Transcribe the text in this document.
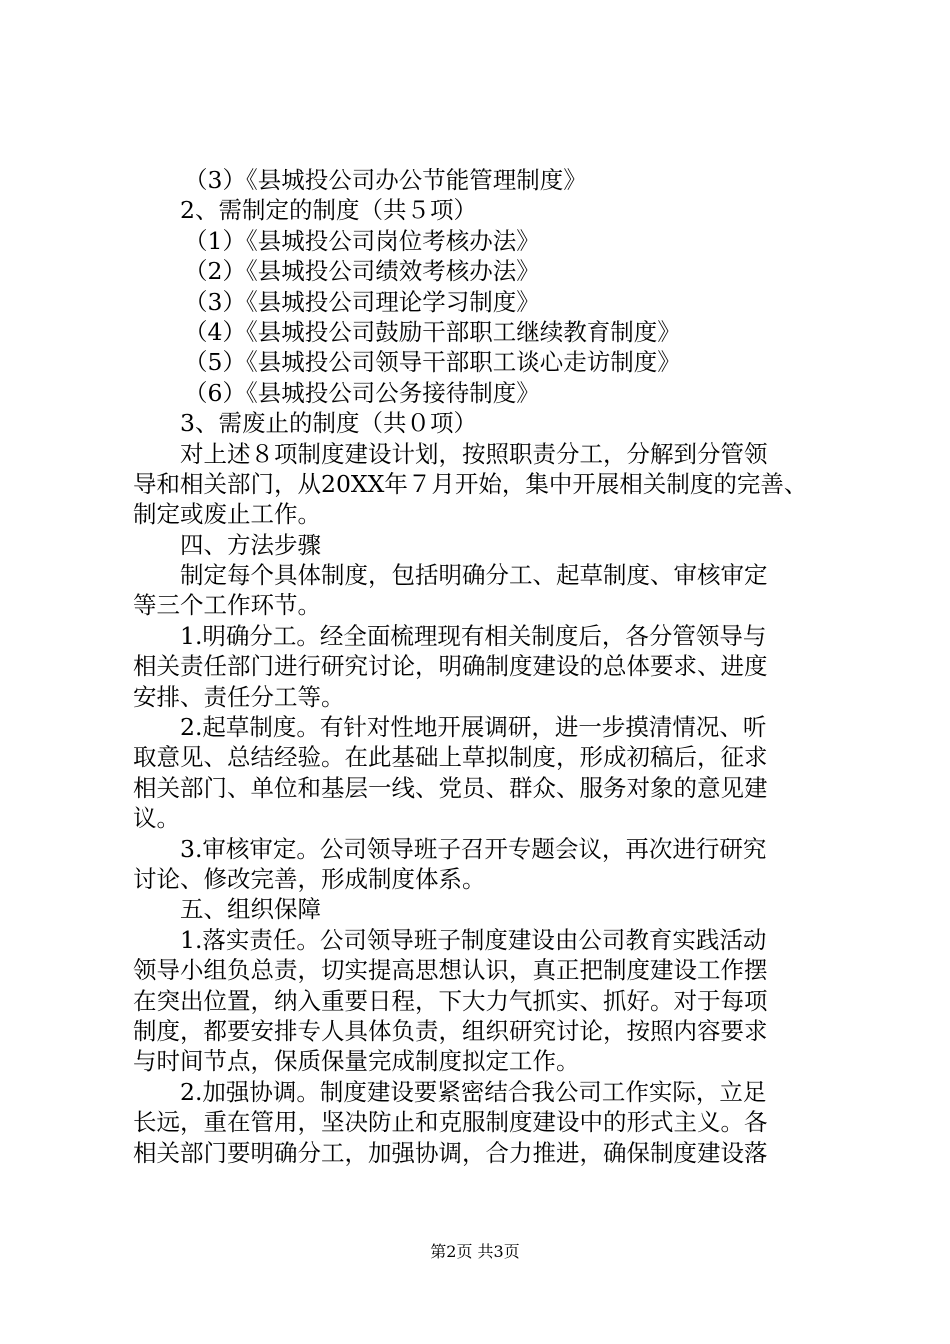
（3）《县城投公司办公节能管理制度》
2、需制定的制度（共５项）
（1）《县城投公司岗位考核办法》
（2）《县城投公司绩效考核办法》
（3）《县城投公司理论学习制度》
（4）《县城投公司鼓励干部职工继续教育制度》
（5）《县城投公司领导干部职工谈心走访制度》
（6）《县城投公司公务接待制度》
3、需废止的制度（共０项）
对上述８项制度建设计划，按照职责分工，分解到分管领
导和相关部门，从20XX年７月开始，集中开展相关制度的完善、
制定或废止工作。
四、方法步骤
制定每个具体制度，包括明确分工、起草制度、审核审定
等三个工作环节。
1.明确分工。经全面梳理现有相关制度后，各分管领导与
相关责任部门进行研究讨论，明确制度建设的总体要求、进度
安排、责任分工等。
2.起草制度。有针对性地开展调研，进一步摸清情况、听
取意见、总结经验。在此基础上草拟制度，形成初稿后，征求
相关部门、单位和基层一线、党员、群众、服务对象的意见建
议。
3.审核审定。公司领导班子召开专题会议，再次进行研究
讨论、修改完善，形成制度体系。
五、组织保障
1.落实责任。公司领导班子制度建设由公司教育实践活动
领导小组负总责，切实提高思想认识，真正把制度建设工作摆
在突出位置，纳入重要日程，下大力气抓实、抓好。对于每项
制度，都要安排专人具体负责，组织研究讨论，按照内容要求
与时间节点，保质保量完成制度拟定工作。
2.加强协调。制度建设要紧密结合我公司工作实际，立足
长远，重在管用，坚决防止和克服制度建设中的形式主义。各
相关部门要明确分工，加强协调，合力推进，确保制度建设落
第2页 共3页
